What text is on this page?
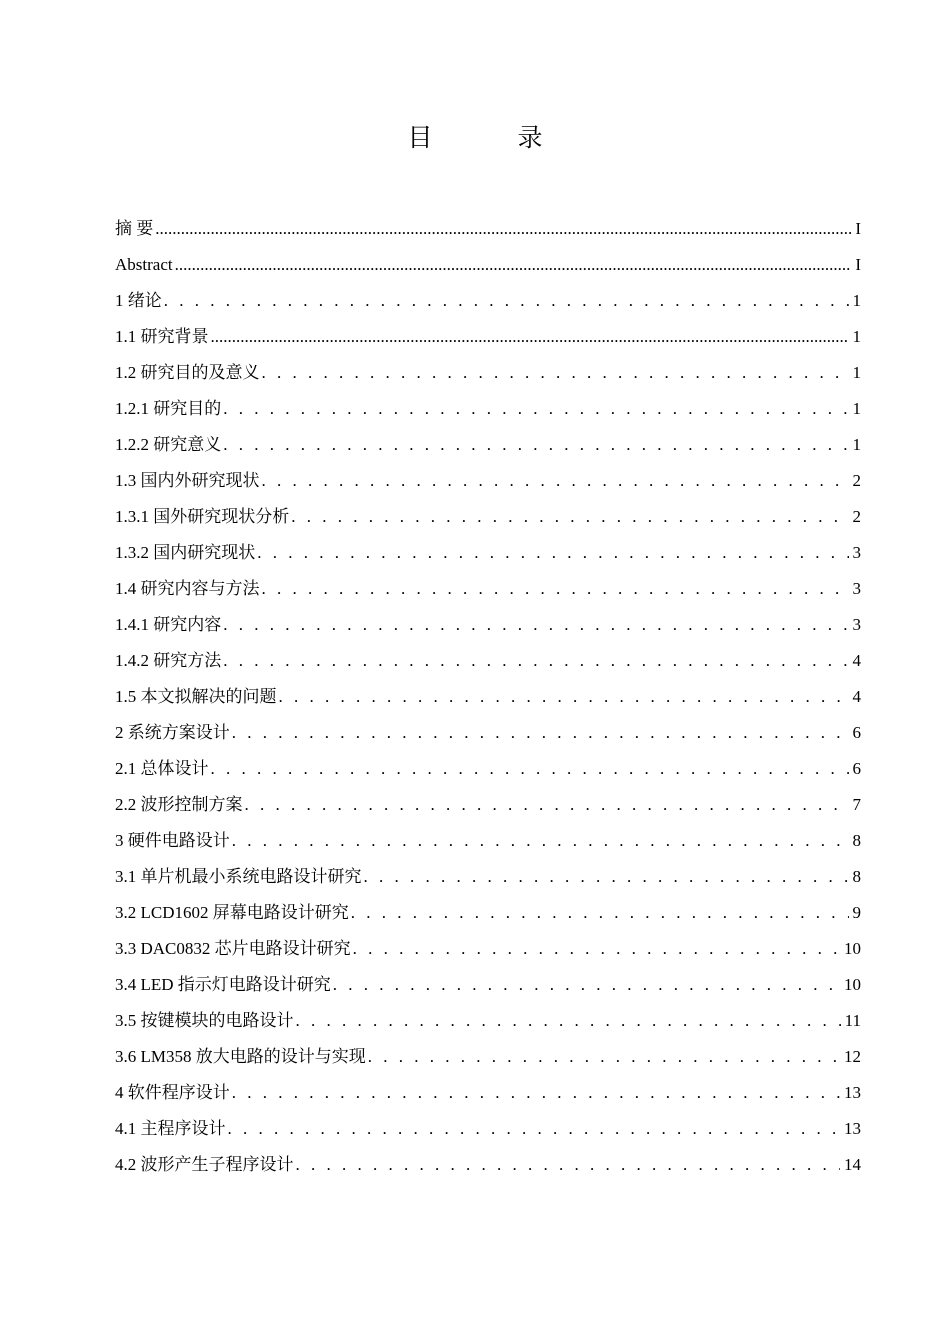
目　录
摘 要 .....	I
Abstract .....	I
1 绪论 . . .	1
1.1 研究背景 .....	1
1.2 研究目的及意义 . . .	1
1.2.1 研究目的 . . .	1
1.2.2 研究意义 . . .	1
1.3 国内外研究现状 . . .	2
1.3.1 国外研究现状分析 . . .	2
1.3.2 国内研究现状 . . .	3
1.4 研究内容与方法 . . .	3
1.4.1 研究内容 . . .	3
1.4.2 研究方法 . . .	4
1.5 本文拟解决的问题 . . .	4
2 系统方案设计 . . .	6
2.1 总体设计 . . .	6
2.2 波形控制方案 . . .	7
3 硬件电路设计 . . .	8
3.1 单片机最小系统电路设计研究 . . .	8
3.2 LCD1602 屏幕电路设计研究 . . .	9
3.3 DAC0832 芯片电路设计研究 . . .	10
3.4 LED 指示灯电路设计研究 . . .	10
3.5 按键模块的电路设计 . . .	11
3.6 LM358 放大电路的设计与实现 . . .	12
4 软件程序设计 . . .	13
4.1 主程序设计 . . .	13
4.2 波形产生子程序设计 . . .	14
